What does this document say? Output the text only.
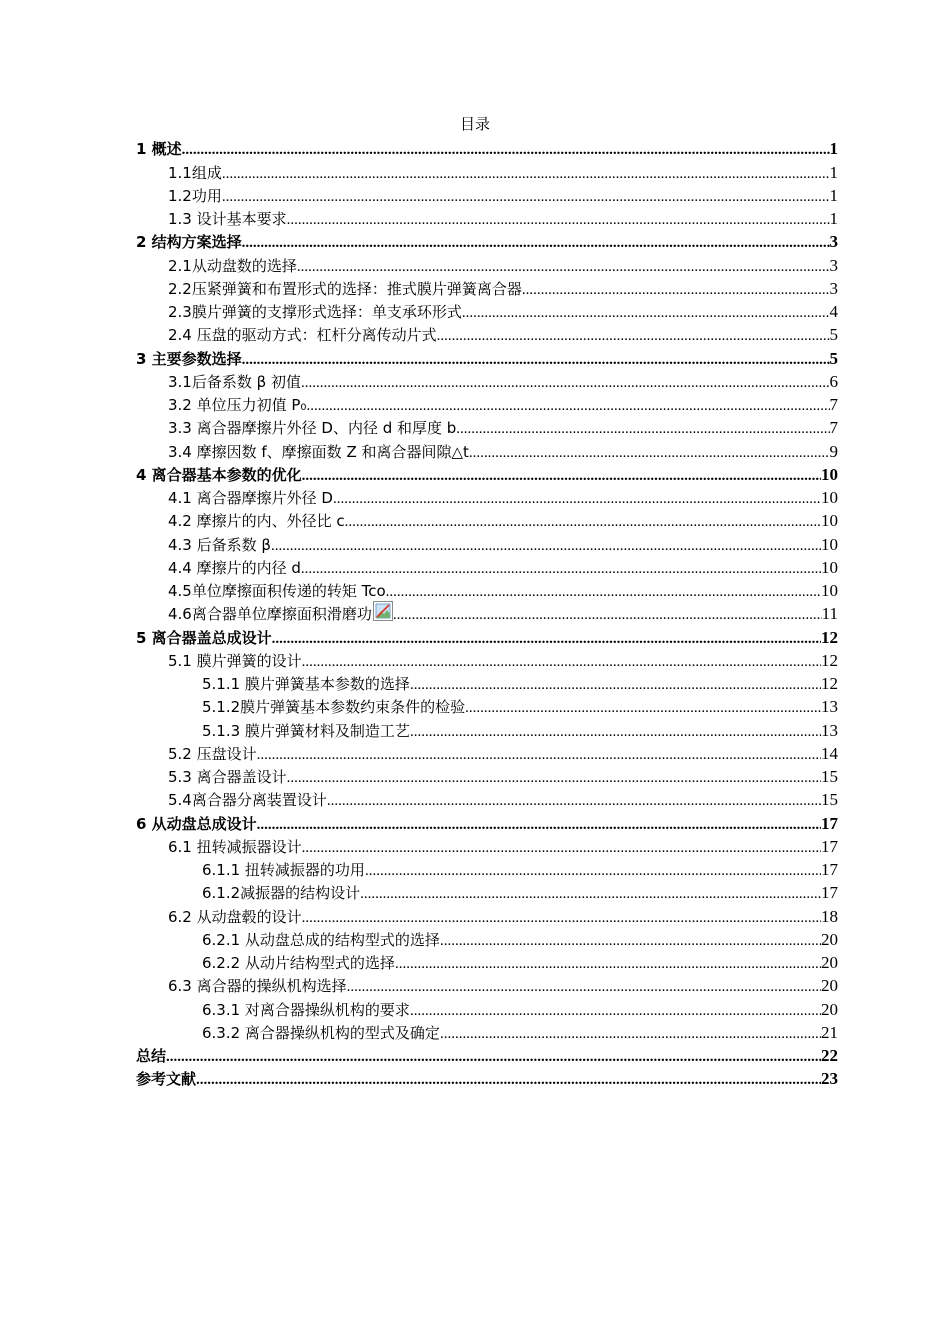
目录
1 概述 .....	1
1.1组成 .....	1
1.2功用 .....	1
1.3 设计基本要求 .....	1
2 结构方案选择 .....	3
2.1从动盘数的选择 .....	3
2.2压紧弹簧和布置形式的选择：推式膜片弹簧离合器 .....	3
2.3膜片弹簧的支撑形式选择：单支承环形式 .....	4
2.4 压盘的驱动方式：杠杆分离传动片式 .....	5
3 主要参数选择 .....	5
3.1后备系数 β 初值 .....	6
3.2 单位压力初值 P₀ .....	7
3.3 离合器摩擦片外径 D、内径 d 和厚度 b .....	7
3.4 摩擦因数 f、摩擦面数 Z 和离合器间隙△t .....	9
4 离合器基本参数的优化 .....	10
4.1 离合器摩擦片外径 D .....	10
4.2 摩擦片的内、外径比 c .....	10
4.3 后备系数 β .....	10
4.4 摩擦片的内径 d .....	10
4.5单位摩擦面积传递的转矩 Tco .....	10
4.6离合器单位摩擦面积滑磨功 .....	11
5 离合器盖总成设计 .....	12
5.1 膜片弹簧的设计 .....	12
5.1.1 膜片弹簧基本参数的选择 .....	12
5.1.2膜片弹簧基本参数约束条件的检验 .....	13
5.1.3 膜片弹簧材料及制造工艺 .....	13
5.2 压盘设计 .....	14
5.3 离合器盖设计 .....	15
5.4离合器分离装置设计 .....	15
6 从动盘总成设计 .....	17
6.1 扭转减振器设计 .....	17
6.1.1 扭转减振器的功用 .....	17
6.1.2减振器的结构设计 .....	17
6.2 从动盘毂的设计 .....	18
6.2.1 从动盘总成的结构型式的选择 .....	20
6.2.2 从动片结构型式的选择 .....	20
6.3 离合器的操纵机构选择 .....	20
6.3.1 对离合器操纵机构的要求 .....	20
6.3.2 离合器操纵机构的型式及确定 .....	21
总结 .....	22
参考文献 .....	23
